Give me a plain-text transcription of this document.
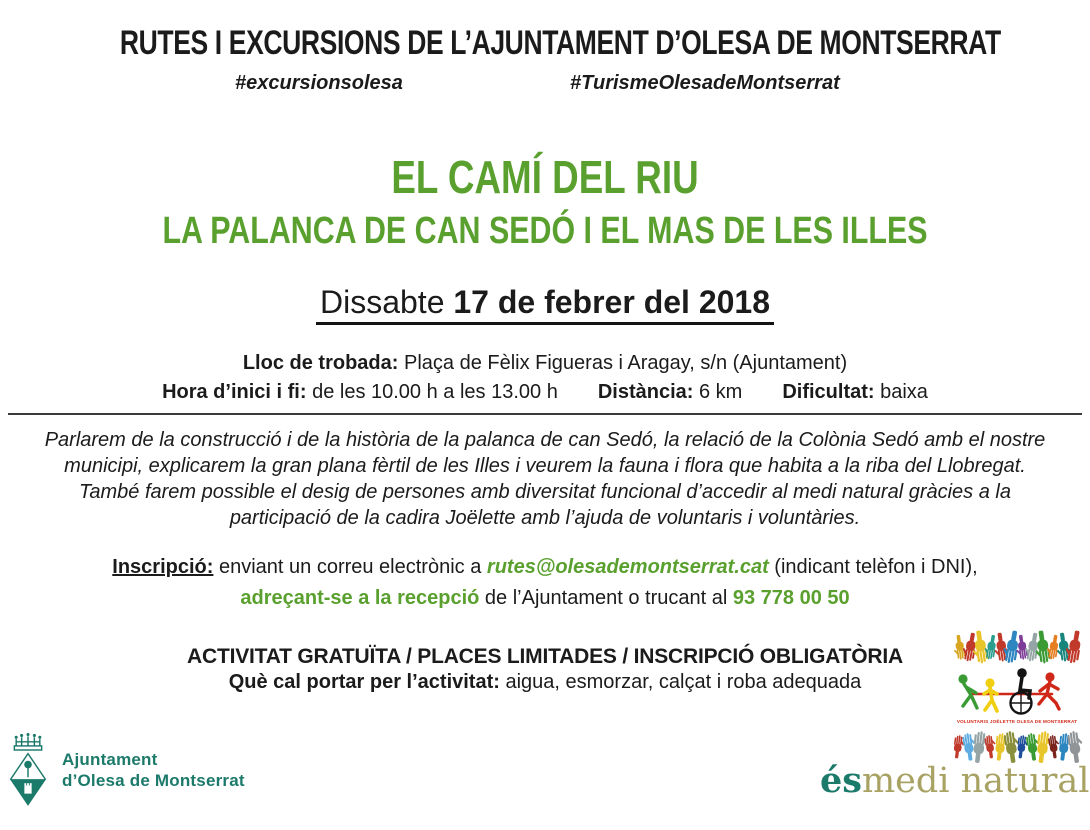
RUTES I EXCURSIONS DE L’AJUNTAMENT D’OLESA DE MONTSERRAT
#excursionsolesa	#TurismeOlesadeMontserrat
EL CAMÍ DEL RIU
LA PALANCA DE CAN SEDÓ I EL MAS DE LES ILLES
Dissabte 17 de febrer del 2018
Lloc de trobada: Plaça de Fèlix Figueras i Aragay, s/n (Ajuntament)
Hora d’inici i fi: de les 10.00 h a les 13.00 h Distància: 6 km Dificultat: baixa
Parlarem de la construcció i de la història de la palanca de can Sedó, la relació de la Colònia Sedó amb el nostre
municipi, explicarem la gran plana fèrtil de les Illes i veurem la fauna i flora que habita a la riba del Llobregat.
També farem possible el desig de persones amb diversitat funcional d’accedir al medi natural gràcies a la
participació de la cadira Joëlette amb l’ajuda de voluntaris i voluntàries.
Inscripció: enviant un correu electrònic a rutes@olesademontserrat.cat (indicant telèfon i DNI),
adreçant-se a la recepció de l’Ajuntament o trucant al 93 778 00 50
ACTIVITAT GRATUÏTA / PLACES LIMITADES / INSCRIPCIÓ OBLIGATÒRIA
Què cal portar per l’activitat: aigua, esmorzar, calçat i roba adequada
VOLUNTARIS JOËLETTE OLESA DE MONTSERRAT
Ajuntament
d’Olesa de Montserrat	ésmedi natural
